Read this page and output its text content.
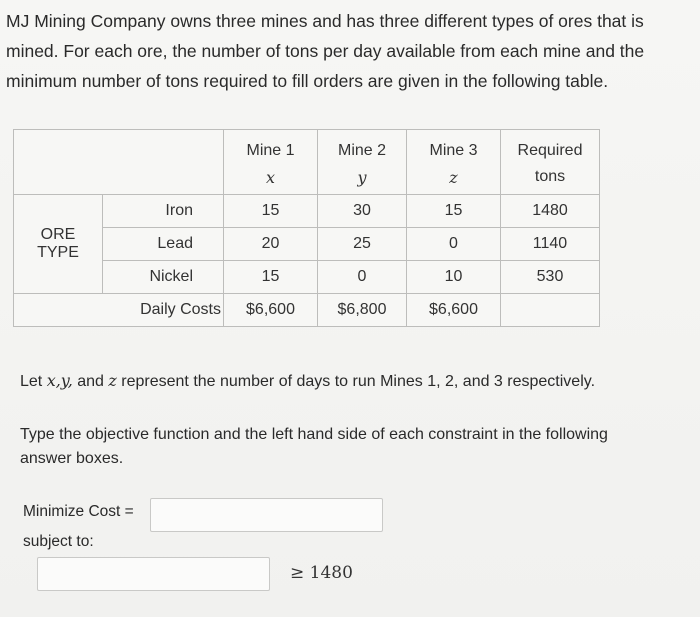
MJ Mining Company owns three mines and has three different types of ores that is
mined. For each ore, the number of tons per day available from each mine and the
minimum number of tons required to fill orders are given in the following table.
		Mine 1	Mine 2	Mine 3	Required
		x	y	z	tons
ORE TYPE	Iron	15	30	15	1480
	Lead	20	25	0	1140
	Nickel	15	0	10	530
Daily Costs		$6,600	$6,800	$6,600	
Let x,y, and z represent the number of days to run Mines 1, 2, and 3 respectively.
Type the objective function and the left hand side of each constraint in the following
answer boxes.
Minimize Cost =
subject to:
≥ 1480
